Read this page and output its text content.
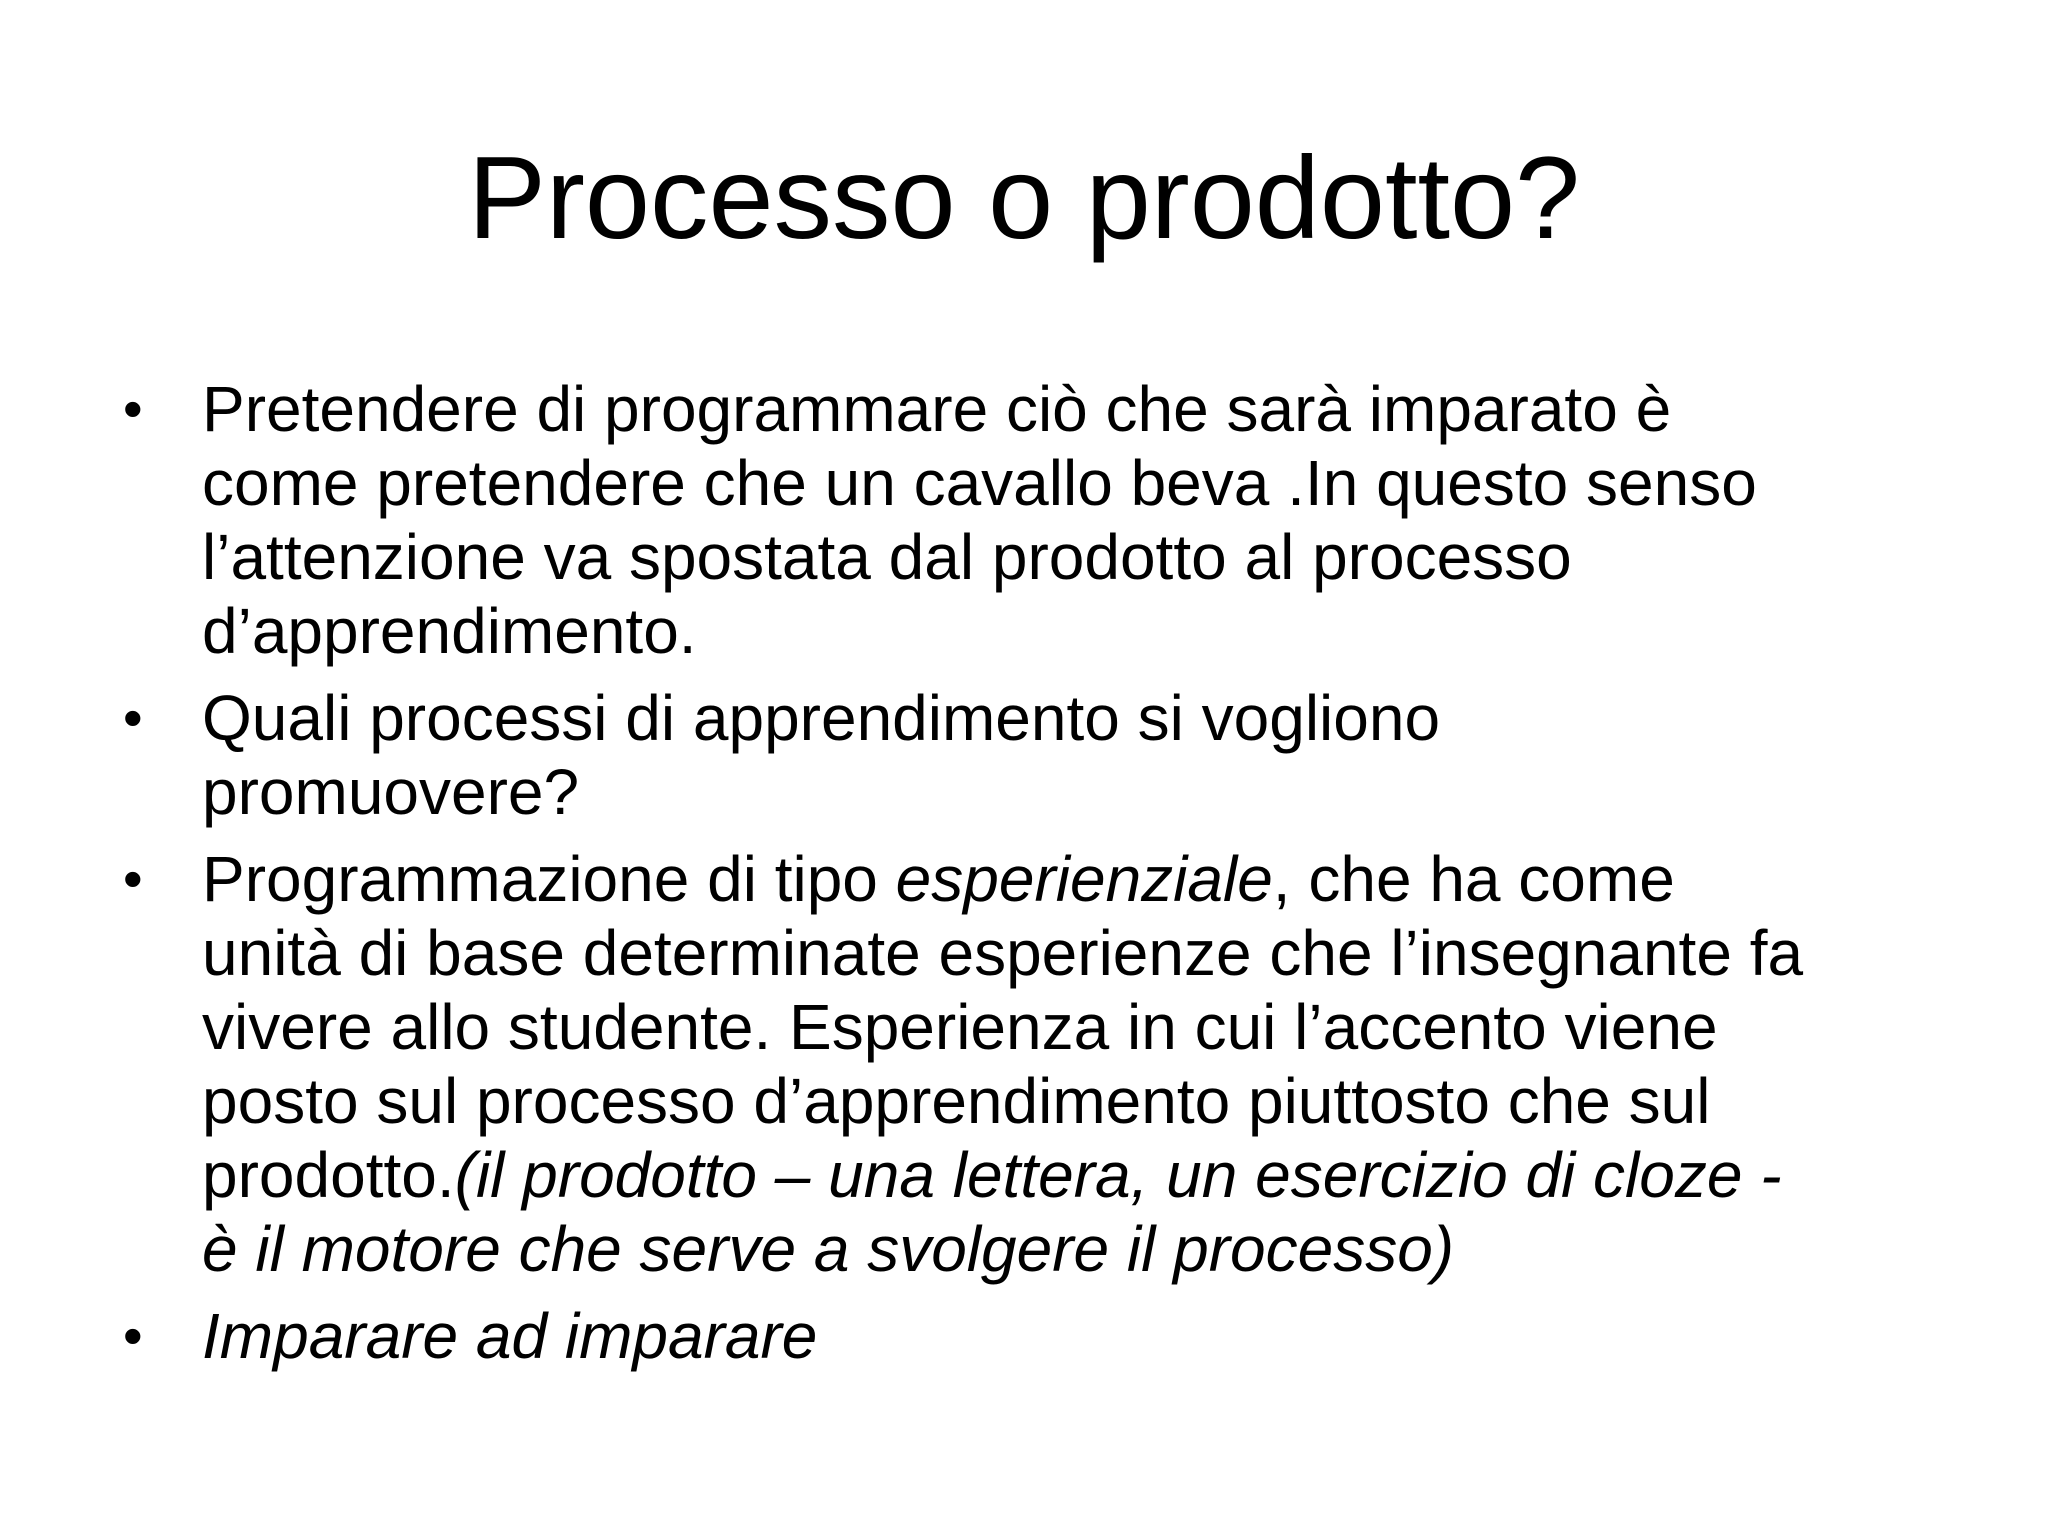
Processo o prodotto?
• Pretendere di programmare ciò che sarà imparato è
come pretendere che un cavallo beva .In questo senso
l’attenzione va spostata dal prodotto al processo
d’apprendimento.
• Quali processi di apprendimento si vogliono
promuovere?
• Programmazione di tipo esperienziale, che ha come
unità di base determinate esperienze che l’insegnante fa
vivere allo studente. Esperienza in cui l’accento viene
posto sul processo d’apprendimento piuttosto che sul
prodotto.(il prodotto – una lettera, un esercizio di cloze -
è il motore che serve a svolgere il processo)
• Imparare ad imparare
